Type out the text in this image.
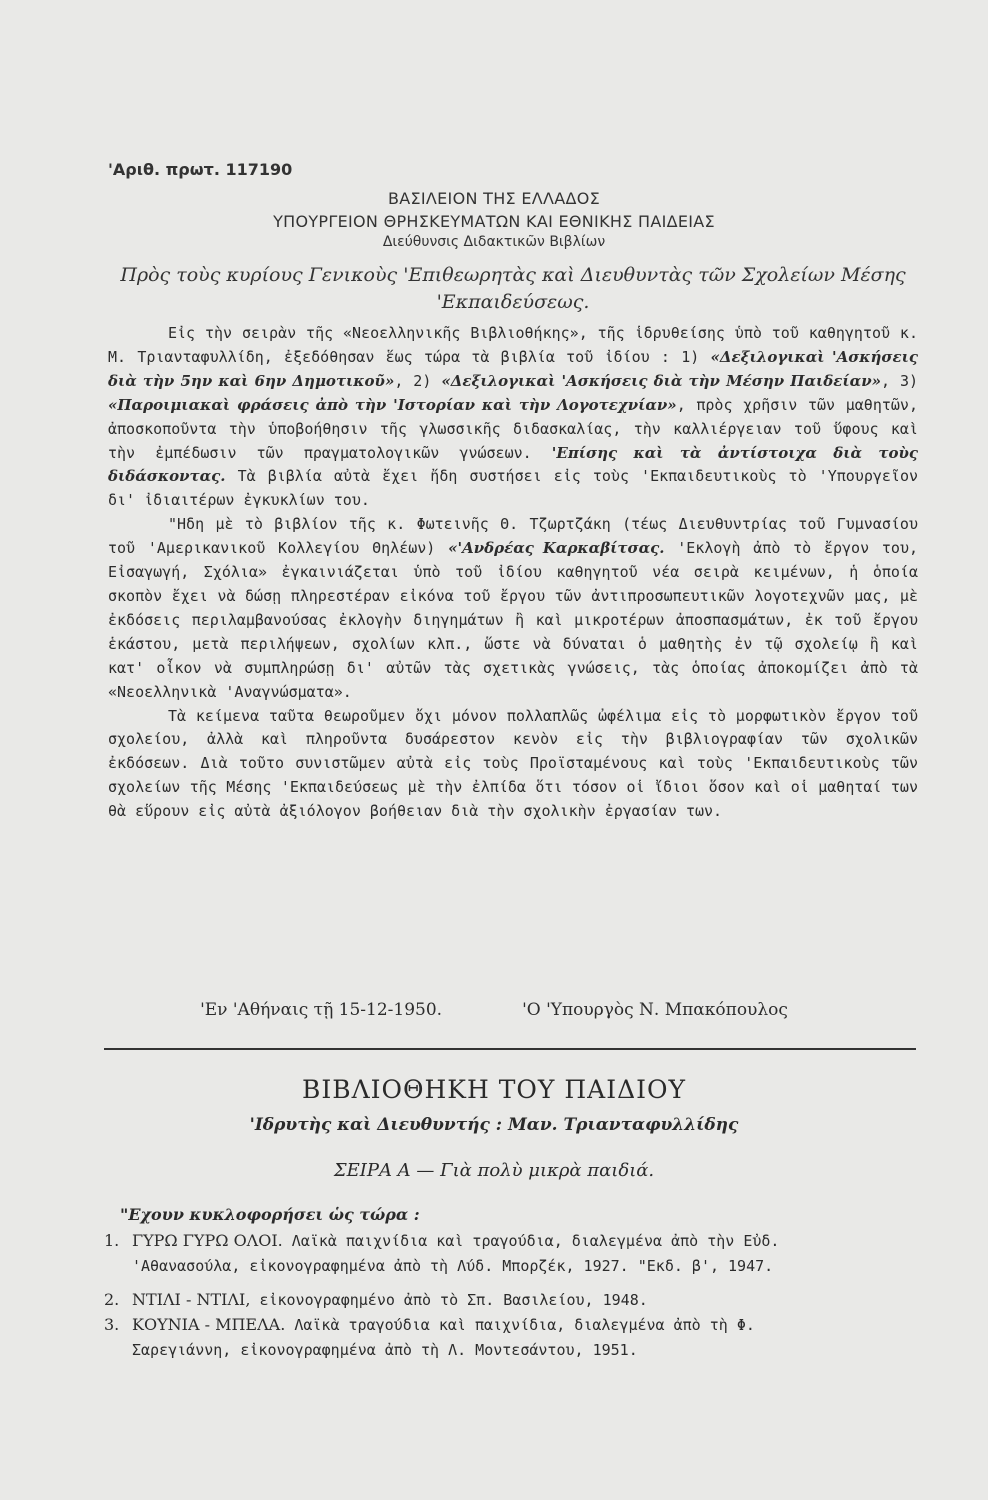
'Αριθ. πρωτ. 117190
ΒΑΣΙΛΕΙΟΝ ΤΗΣ ΕΛΛΑΔΟΣ
ΥΠΟΥΡΓΕΙΟΝ ΘΡΗΣΚΕΥΜΑΤΩΝ ΚΑΙ ΕΘΝΙΚΗΣ ΠΑΙΔΕΙΑΣ
Διεύθυνσις Διδακτικῶν Βιβλίων
Πρὸς τοὺς κυρίους Γενικοὺς 'Επιθεωρητὰς καὶ Διευθυντὰς τῶν Σχολείων Μέσης 'Εκπαιδεύσεως.

Εἰς τὴν σειρὰν τῆς «Νεοελληνικῆς Βιβλιοθήκης», τῆς ἱδρυθείσης ὑπὸ τοῦ καθηγητοῦ κ. Μ. Τριανταφυλλίδη, ἐξεδόθησαν ἕως τώρα τὰ βιβλία τοῦ ἰδίου : 1) «Δεξιλογικαὶ 'Ασκήσεις διὰ τὴν 5ην καὶ 6ην Δημοτικοῦ», 2) «Δεξιλογικαὶ 'Ασκήσεις διὰ τὴν Μέσην Παιδείαν», 3) «Παροιμιακαὶ φράσεις ἀπὸ τὴν 'Ιστορίαν καὶ τὴν Λογοτεχνίαν», πρὸς χρῆσιν τῶν μαθητῶν, ἀποσκοποῦντα τὴν ὑποβοήθησιν τῆς γλωσσικῆς διδασκαλίας, τὴν καλλιέργειαν τοῦ ὕφους καὶ τὴν ἐμπέδωσιν τῶν πραγματολογικῶν γνώσεων. 'Επίσης καὶ τὰ ἀντίστοιχα διὰ τοὺς διδάσκοντας. Τὰ βιβλία αὐτὰ ἔχει ἤδη συστήσει εἰς τοὺς 'Εκπαιδευτικοὺς τὸ 'Υπουργεῖον δι' ἰδιαιτέρων ἐγκυκλίων του.

"Ηδη μὲ τὸ βιβλίον τῆς κ. Φωτεινῆς Θ. Τζωρτζάκη (τέως Διευθυντρίας τοῦ Γυμνασίου τοῦ 'Αμερικανικοῦ Κολλεγίου Θηλέων) «'Ανδρέας Καρκαβίτσας. 'Εκλογὴ ἀπὸ τὸ ἔργον του, Εἰσαγωγή, Σχόλια» ἐγκαινιάζεται ὑπὸ τοῦ ἰδίου καθηγητοῦ νέα σειρὰ κειμένων, ἡ ὁποία σκοπὸν ἔχει νὰ δώσῃ πληρεστέραν εἰκόνα τοῦ ἔργου τῶν ἀντιπροσωπευτικῶν λογοτεχνῶν μας, μὲ ἐκδόσεις περιλαμβανούσας ἐκλογὴν διηγημάτων ἢ καὶ μικροτέρων ἀποσπασμάτων, ἐκ τοῦ ἔργου ἑκάστου, μετὰ περιλήψεων, σχολίων κλπ., ὥστε νὰ δύναται ὁ μαθητὴς ἐν τῷ σχολείῳ ἢ καὶ κατ' οἶκον νὰ συμπληρώσῃ δι' αὐτῶν τὰς σχετικὰς γνώσεις, τὰς ὁποίας ἀποκομίζει ἀπὸ τὰ «Νεοελληνικὰ 'Αναγνώσματα».

Τὰ κείμενα ταῦτα θεωροῦμεν ὄχι μόνον πολλαπλῶς ὠφέλιμα εἰς τὸ μορφωτικὸν ἔργον τοῦ σχολείου, ἀλλὰ καὶ πληροῦντα δυσάρεστον κενὸν εἰς τὴν βιβλιογραφίαν τῶν σχολικῶν ἐκδόσεων. Διὰ τοῦτο συνιστῶμεν αὐτὰ εἰς τοὺς Προϊσταμένους καὶ τοὺς 'Εκπαιδευτικοὺς τῶν σχολείων τῆς Μέσης 'Εκπαιδεύσεως μὲ τὴν ἐλπίδα ὅτι τόσον οἱ ἴδιοι ὅσον καὶ οἱ μαθηταί των θὰ εὕρουν εἰς αὐτὰ ἀξιόλογον βοήθειαν διὰ τὴν σχολικὴν ἐργασίαν των.

'Εν 'Αθήναις τῇ 15-12-1950.	'Ο 'Υπουργὸς Ν. Μπακόπουλος
ΒΙΒΛΙΟΘΗΚΗ ΤΟΥ ΠΑΙΔΙΟΥ
'Ιδρυτὴς καὶ Διευθυντής : Μαν. Τριανταφυλλίδης
ΣΕΙΡΑ Α — Γιὰ πολὺ μικρὰ παιδιά.
"Εχουν κυκλοφορήσει ὡς τώρα :
1. ΓΥΡΩ ΓΥΡΩ ΟΛΟΙ. Λαϊκὰ παιχνίδια καὶ τραγούδια, διαλεγμένα ἀπὸ τὴν Εὐδ.
'Αθανασούλα, εἰκονογραφημένα ἀπὸ τὴ Λύδ. Μπορζέκ, 1927. "Εκδ. β', 1947.
2. ΝΤΙΛΙ - ΝΤΙΛΙ, εἰκονογραφημένο ἀπὸ τὸ Σπ. Βασιλείου, 1948.
3. ΚΟΥΝΙΑ - ΜΠΕΛΑ. Λαϊκὰ τραγούδια καὶ παιχνίδια, διαλεγμένα ἀπὸ τὴ Φ.
Σαρεγιάννη, εἰκονογραφημένα ἀπὸ τὴ Λ. Μοντεσάντου, 1951.
